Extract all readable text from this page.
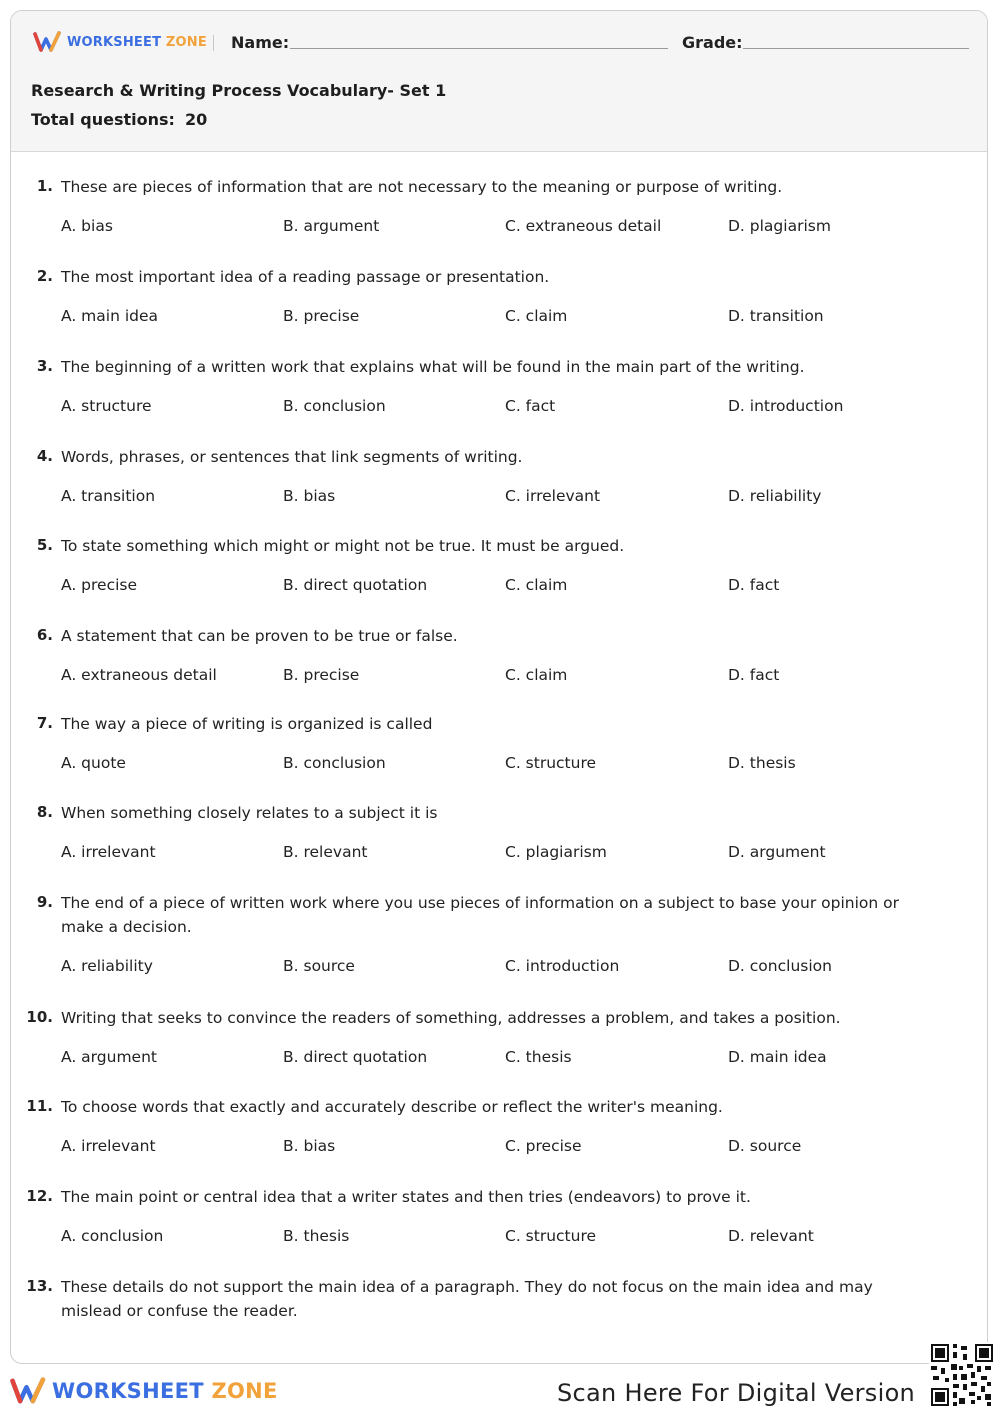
WORKSHEET ZONE Name:	Grade:
Research & Writing Process Vocabulary- Set 1
Total questions: 20
1. These are pieces of information that are not necessary to the meaning or purpose of writing.
A. bias	B. argument	C. extraneous detail	D. plagiarism
2. The most important idea of a reading passage or presentation.
A. main idea	B. precise	C. claim	D. transition
3. The beginning of a written work that explains what will be found in the main part of the writing.
A. structure	B. conclusion	C. fact	D. introduction
4. Words, phrases, or sentences that link segments of writing.
A. transition	B. bias	C. irrelevant	D. reliability
5. To state something which might or might not be true. It must be argued.
A. precise	B. direct quotation	C. claim	D. fact
6. A statement that can be proven to be true or false.
A. extraneous detail	B. precise	C. claim	D. fact
7. The way a piece of writing is organized is called
A. quote	B. conclusion	C. structure	D. thesis
8. When something closely relates to a subject it is
A. irrelevant	B. relevant	C. plagiarism	D. argument
9. The end of a piece of written work where you use pieces of information on a subject to base your opinion or make a decision.
A. reliability	B. source	C. introduction	D. conclusion
10. Writing that seeks to convince the readers of something, addresses a problem, and takes a position.
A. argument	B. direct quotation	C. thesis	D. main idea
11. To choose words that exactly and accurately describe or reflect the writer's meaning.
A. irrelevant	B. bias	C. precise	D. source
12. The main point or central idea that a writer states and then tries (endeavors) to prove it.
A. conclusion	B. thesis	C. structure	D. relevant
13. These details do not support the main idea of a paragraph. They do not focus on the main idea and may mislead or confuse the reader.
WORKSHEET ZONE	Scan Here For Digital Version
